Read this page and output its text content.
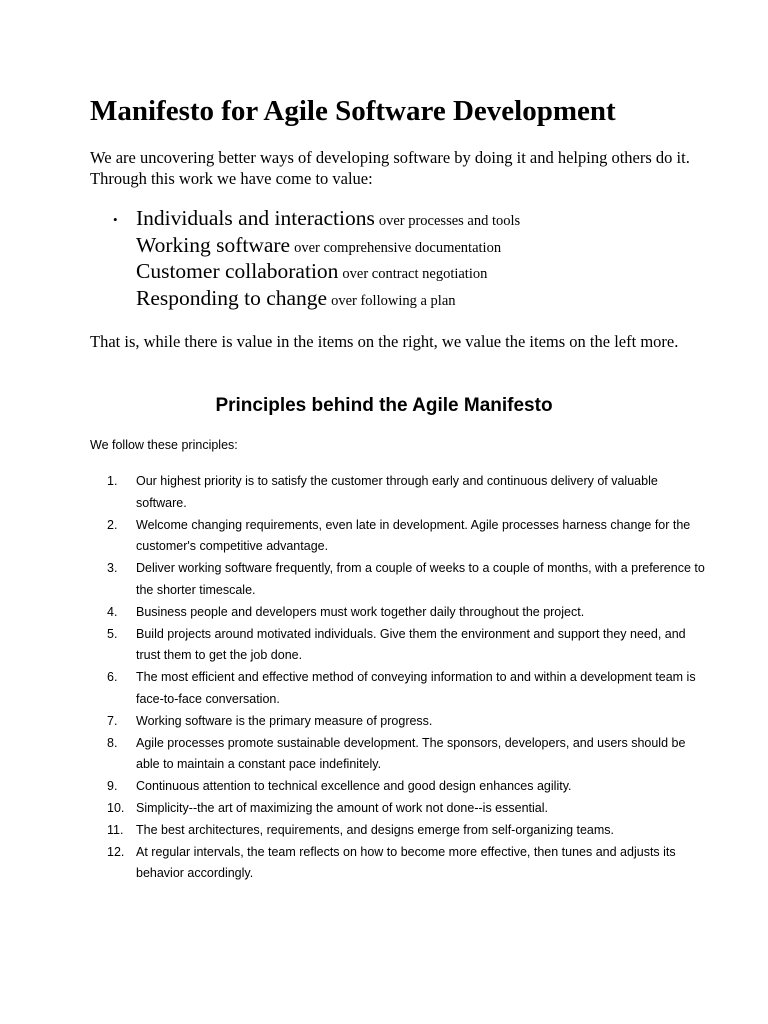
Manifesto for Agile Software Development

We are uncovering better ways of developing software by doing it and helping others do it. Through this work we have come to value:

• Individuals and interactions over processes and tools
Working software over comprehensive documentation
Customer collaboration over contract negotiation
Responding to change over following a plan

That is, while there is value in the items on the right, we value the items on the left more.

Principles behind the Agile Manifesto

We follow these principles:

1.	Our highest priority is to satisfy the customer through early and continuous delivery of valuable software.
2.	Welcome changing requirements, even late in development. Agile processes harness change for the customer's competitive advantage.
3.	Deliver working software frequently, from a couple of weeks to a couple of months, with a preference to the shorter timescale.
4.	Business people and developers must work together daily throughout the project.
5.	Build projects around motivated individuals. Give them the environment and support they need, and trust them to get the job done.
6.	The most efficient and effective method of conveying information to and within a development team is face-to-face conversation.
7.	Working software is the primary measure of progress.
8.	Agile processes promote sustainable development. The sponsors, developers, and users should be able to maintain a constant pace indefinitely.
9.	Continuous attention to technical excellence and good design enhances agility.
10. Simplicity--the art of maximizing the amount of work not done--is essential.
11.	The best architectures, requirements, and designs emerge from self-organizing teams.
12. At regular intervals, the team reflects on how to become more effective, then tunes and adjusts its behavior accordingly.
